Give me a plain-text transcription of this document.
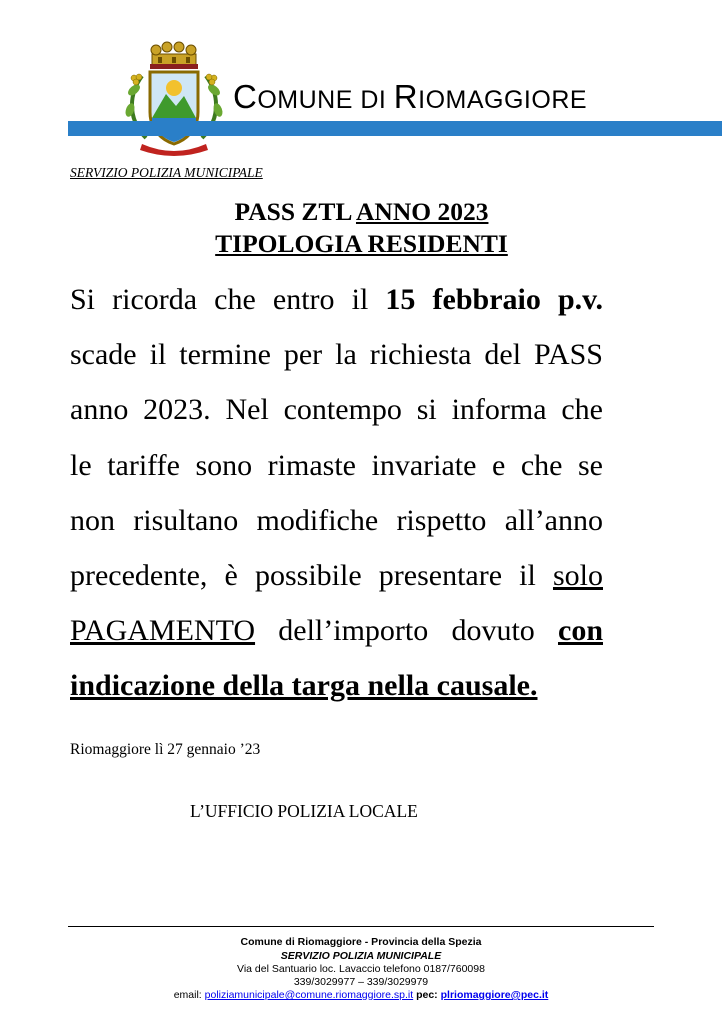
COMUNE DI RIOMAGGIORE
SERVIZIO POLIZIA MUNICIPALE
PASS ZTL ANNO 2023
TIPOLOGIA RESIDENTI
Si ricorda che entro il 15 febbraio p.v.
scade il termine per la richiesta del PASS
anno 2023. Nel contempo si informa che
le tariffe sono rimaste invariate e che se
non risultano modifiche rispetto all’anno
precedente, è possibile presentare il solo
PAGAMENTO dell’importo dovuto con
indicazione della targa nella causale.
Riomaggiore lì 27 gennaio ’23
L’UFFICIO POLIZIA LOCALE
Comune di Riomaggiore - Provincia della Spezia
SERVIZIO POLIZIA MUNICIPALE
Via del Santuario loc. Lavaccio telefono 0187/760098
339/3029977 – 339/3029979
email: poliziamunicipale@comune.riomaggiore.sp.it pec: plriomaggiore@pec.it
